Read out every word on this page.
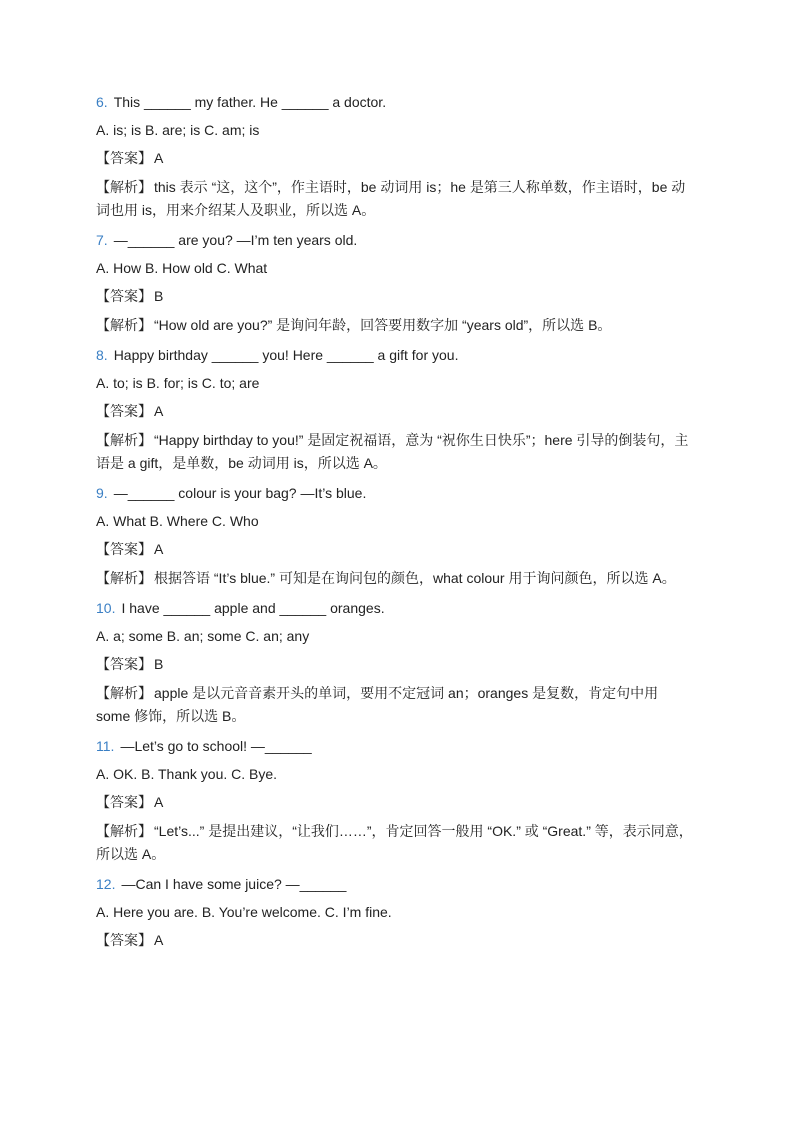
6. This ______ my father. He ______ a doctor.
A. is; is B. are; is C. am; is
【答案】 A
【解析】 this 表示 “这，这个”，作主语时，be 动词用 is；he 是第三人称单数，作主语时，be 动词也用 is，用来介绍某人及职业，所以选 A。
7. —______ are you? —I’m ten years old.
A. How B. How old C. What
【答案】 B
【解析】 “How old are you?” 是询问年龄，回答要用数字加 “years old”，所以选 B。
8. Happy birthday ______ you! Here ______ a gift for you.
A. to; is B. for; is C. to; are
【答案】 A
【解析】 “Happy birthday to you!” 是固定祝福语，意为 “祝你生日快乐”；here 引导的倒装句，主语是 a gift，是单数，be 动词用 is，所以选 A。
9. —______ colour is your bag? —It’s blue.
A. What B. Where C. Who
【答案】 A
【解析】 根据答语 “It’s blue.” 可知是在询问包的颜色，what colour 用于询问颜色，所以选 A。
10. I have ______ apple and ______ oranges.
A. a; some B. an; some C. an; any
【答案】 B
【解析】 apple 是以元音音素开头的单词，要用不定冠词 an；oranges 是复数，肯定句中用 some 修饰，所以选 B。
11. —Let’s go to school! —______
A. OK. B. Thank you. C. Bye.
【答案】 A
【解析】 “Let’s...” 是提出建议，“让我们……”，肯定回答一般用 “OK.” 或 “Great.” 等，表示同意，所以选 A。
12. —Can I have some juice? —______
A. Here you are. B. You’re welcome. C. I’m fine.
【答案】 A
